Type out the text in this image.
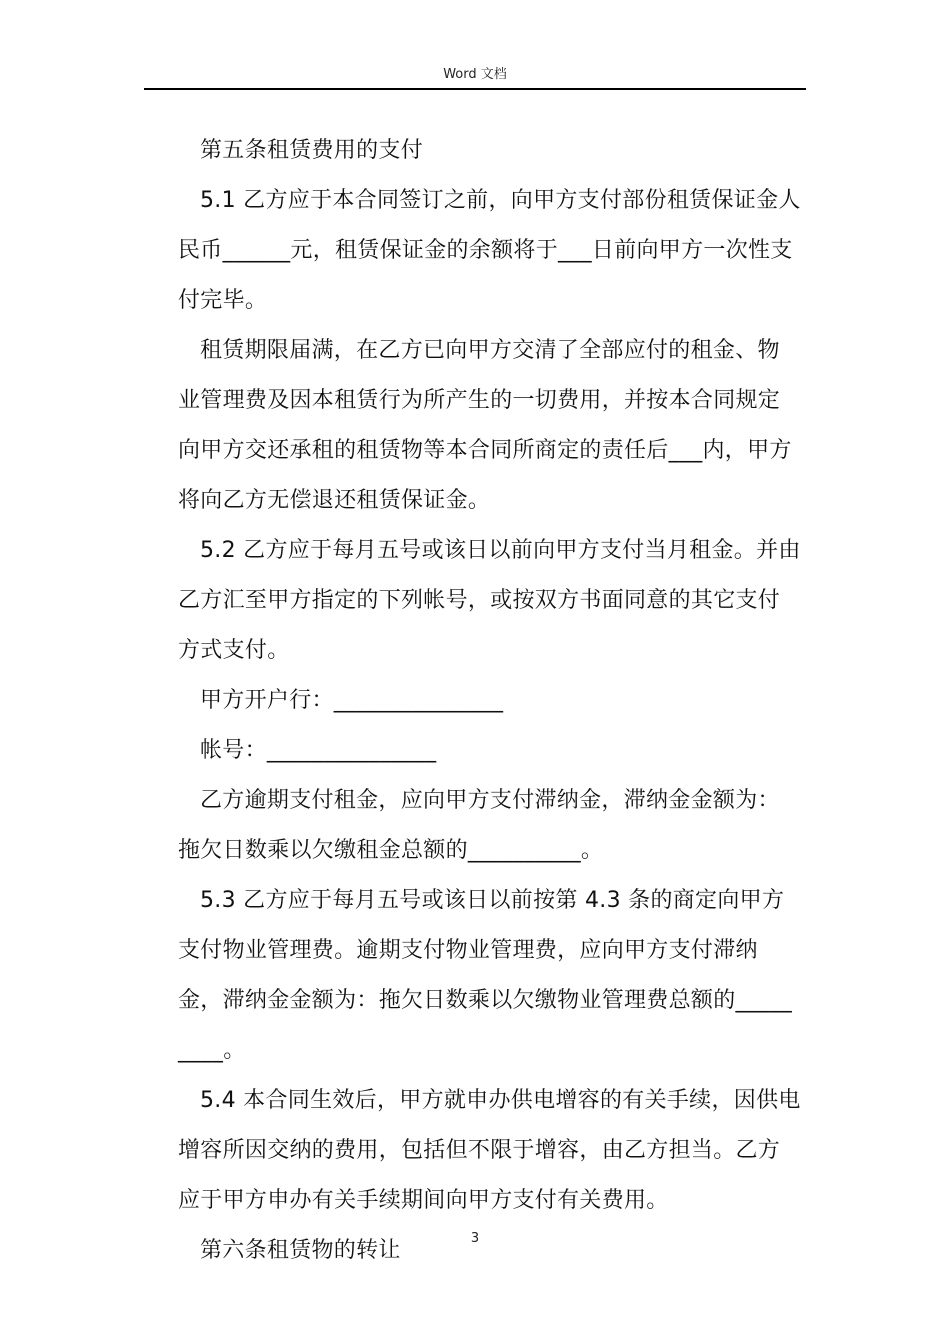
Word 文档

第五条租赁费用的支付

5.1 乙方应于本合同签订之前，向甲方支付部份租赁保证金人民币______元，租赁保证金的余额将于___日前向甲方一次性支付完毕。

租赁期限届满，在乙方已向甲方交清了全部应付的租金、物业管理费及因本租赁行为所产生的一切费用，并按本合同规定向甲方交还承租的租赁物等本合同所商定的责任后___内，甲方将向乙方无偿退还租赁保证金。

5.2 乙方应于每月五号或该日以前向甲方支付当月租金。并由乙方汇至甲方指定的下列帐号，或按双方书面同意的其它支付方式支付。

甲方开户行：_______________

帐号：_______________

乙方逾期支付租金，应向甲方支付滞纳金，滞纳金金额为：拖欠日数乘以欠缴租金总额的__________。

5.3 乙方应于每月五号或该日以前按第 4.3 条的商定向甲方支付物业管理费。逾期支付物业管理费，应向甲方支付滞纳金，滞纳金金额为：拖欠日数乘以欠缴物业管理费总额的_________。

5.4 本合同生效后，甲方就申办供电增容的有关手续，因供电增容所因交纳的费用，包括但不限于增容，由乙方担当。乙方应于甲方申办有关手续期间向甲方支付有关费用。

第六条租赁物的转让	3
